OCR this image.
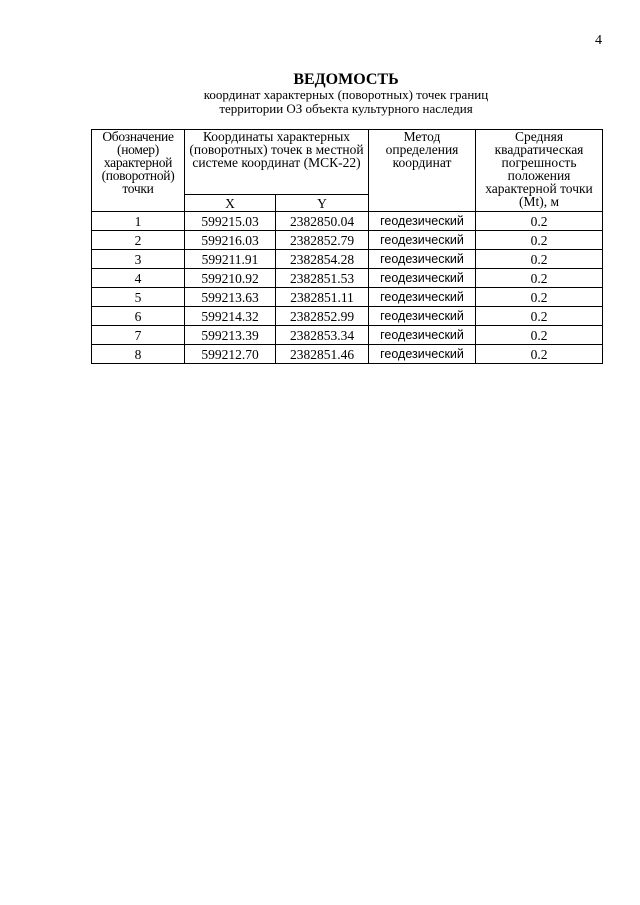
4
ВЕДОМОСТЬ
координат характерных (поворотных) точек границ
территории ОЗ объекта культурного наследия
Обозначение (номер) характерной (поворотной) точки	Координаты характерных (поворотных) точек в местной системе координат (МСК-22)		Метод определения координат	Средняя квадратическая погрешность положения характерной точки (Mt), м
	X	Y		
1	599215.03	2382850.04	геодезический	0.2
2	599216.03	2382852.79	геодезический	0.2
3	599211.91	2382854.28	геодезический	0.2
4	599210.92	2382851.53	геодезический	0.2
5	599213.63	2382851.11	геодезический	0.2
6	599214.32	2382852.99	геодезический	0.2
7	599213.39	2382853.34	геодезический	0.2
8	599212.70	2382851.46	геодезический	0.2
